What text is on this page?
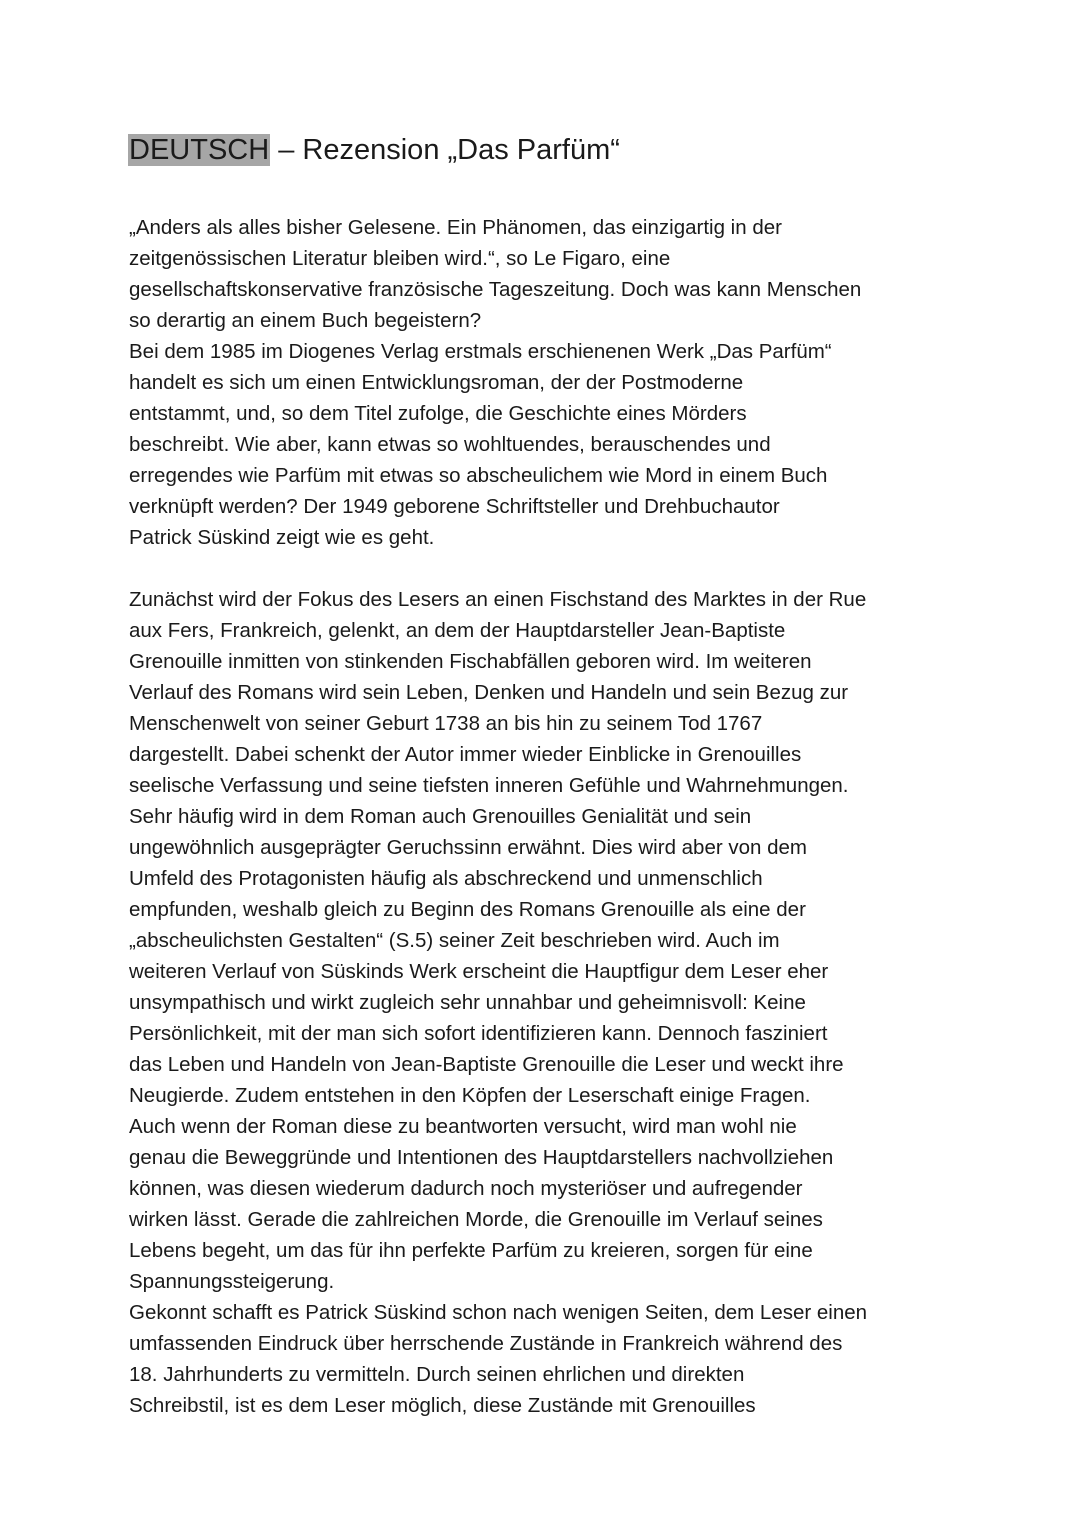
DEUTSCH – Rezension „Das Parfüm“
„Anders als alles bisher Gelesene. Ein Phänomen, das einzigartig in der
zeitgenössischen Literatur bleiben wird.“, so Le Figaro, eine
gesellschaftskonservative französische Tageszeitung. Doch was kann Menschen
so derartig an einem Buch begeistern?
Bei dem 1985 im Diogenes Verlag erstmals erschienenen Werk „Das Parfüm“
handelt es sich um einen Entwicklungsroman, der der Postmoderne
entstammt, und, so dem Titel zufolge, die Geschichte eines Mörders
beschreibt. Wie aber, kann etwas so wohltuendes, berauschendes und
erregendes wie Parfüm mit etwas so abscheulichem wie Mord in einem Buch
verknüpft werden? Der 1949 geborene Schriftsteller und Drehbuchautor
Patrick Süskind zeigt wie es geht.
Zunächst wird der Fokus des Lesers an einen Fischstand des Marktes in der Rue
aux Fers, Frankreich, gelenkt, an dem der Hauptdarsteller Jean-Baptiste
Grenouille inmitten von stinkenden Fischabfällen geboren wird. Im weiteren
Verlauf des Romans wird sein Leben, Denken und Handeln und sein Bezug zur
Menschenwelt von seiner Geburt 1738 an bis hin zu seinem Tod 1767
dargestellt. Dabei schenkt der Autor immer wieder Einblicke in Grenouilles
seelische Verfassung und seine tiefsten inneren Gefühle und Wahrnehmungen.
Sehr häufig wird in dem Roman auch Grenouilles Genialität und sein
ungewöhnlich ausgeprägter Geruchssinn erwähnt. Dies wird aber von dem
Umfeld des Protagonisten häufig als abschreckend und unmenschlich
empfunden, weshalb gleich zu Beginn des Romans Grenouille als eine der
„abscheulichsten Gestalten“ (S.5) seiner Zeit beschrieben wird. Auch im
weiteren Verlauf von Süskinds Werk erscheint die Hauptfigur dem Leser eher
unsympathisch und wirkt zugleich sehr unnahbar und geheimnisvoll: Keine
Persönlichkeit, mit der man sich sofort identifizieren kann. Dennoch fasziniert
das Leben und Handeln von Jean-Baptiste Grenouille die Leser und weckt ihre
Neugierde. Zudem entstehen in den Köpfen der Leserschaft einige Fragen.
Auch wenn der Roman diese zu beantworten versucht, wird man wohl nie
genau die Beweggründe und Intentionen des Hauptdarstellers nachvollziehen
können, was diesen wiederum dadurch noch mysteriöser und aufregender
wirken lässt. Gerade die zahlreichen Morde, die Grenouille im Verlauf seines
Lebens begeht, um das für ihn perfekte Parfüm zu kreieren, sorgen für eine
Spannungssteigerung.
Gekonnt schafft es Patrick Süskind schon nach wenigen Seiten, dem Leser einen
umfassenden Eindruck über herrschende Zustände in Frankreich während des
18. Jahrhunderts zu vermitteln. Durch seinen ehrlichen und direkten
Schreibstil, ist es dem Leser möglich, diese Zustände mit Grenouilles
